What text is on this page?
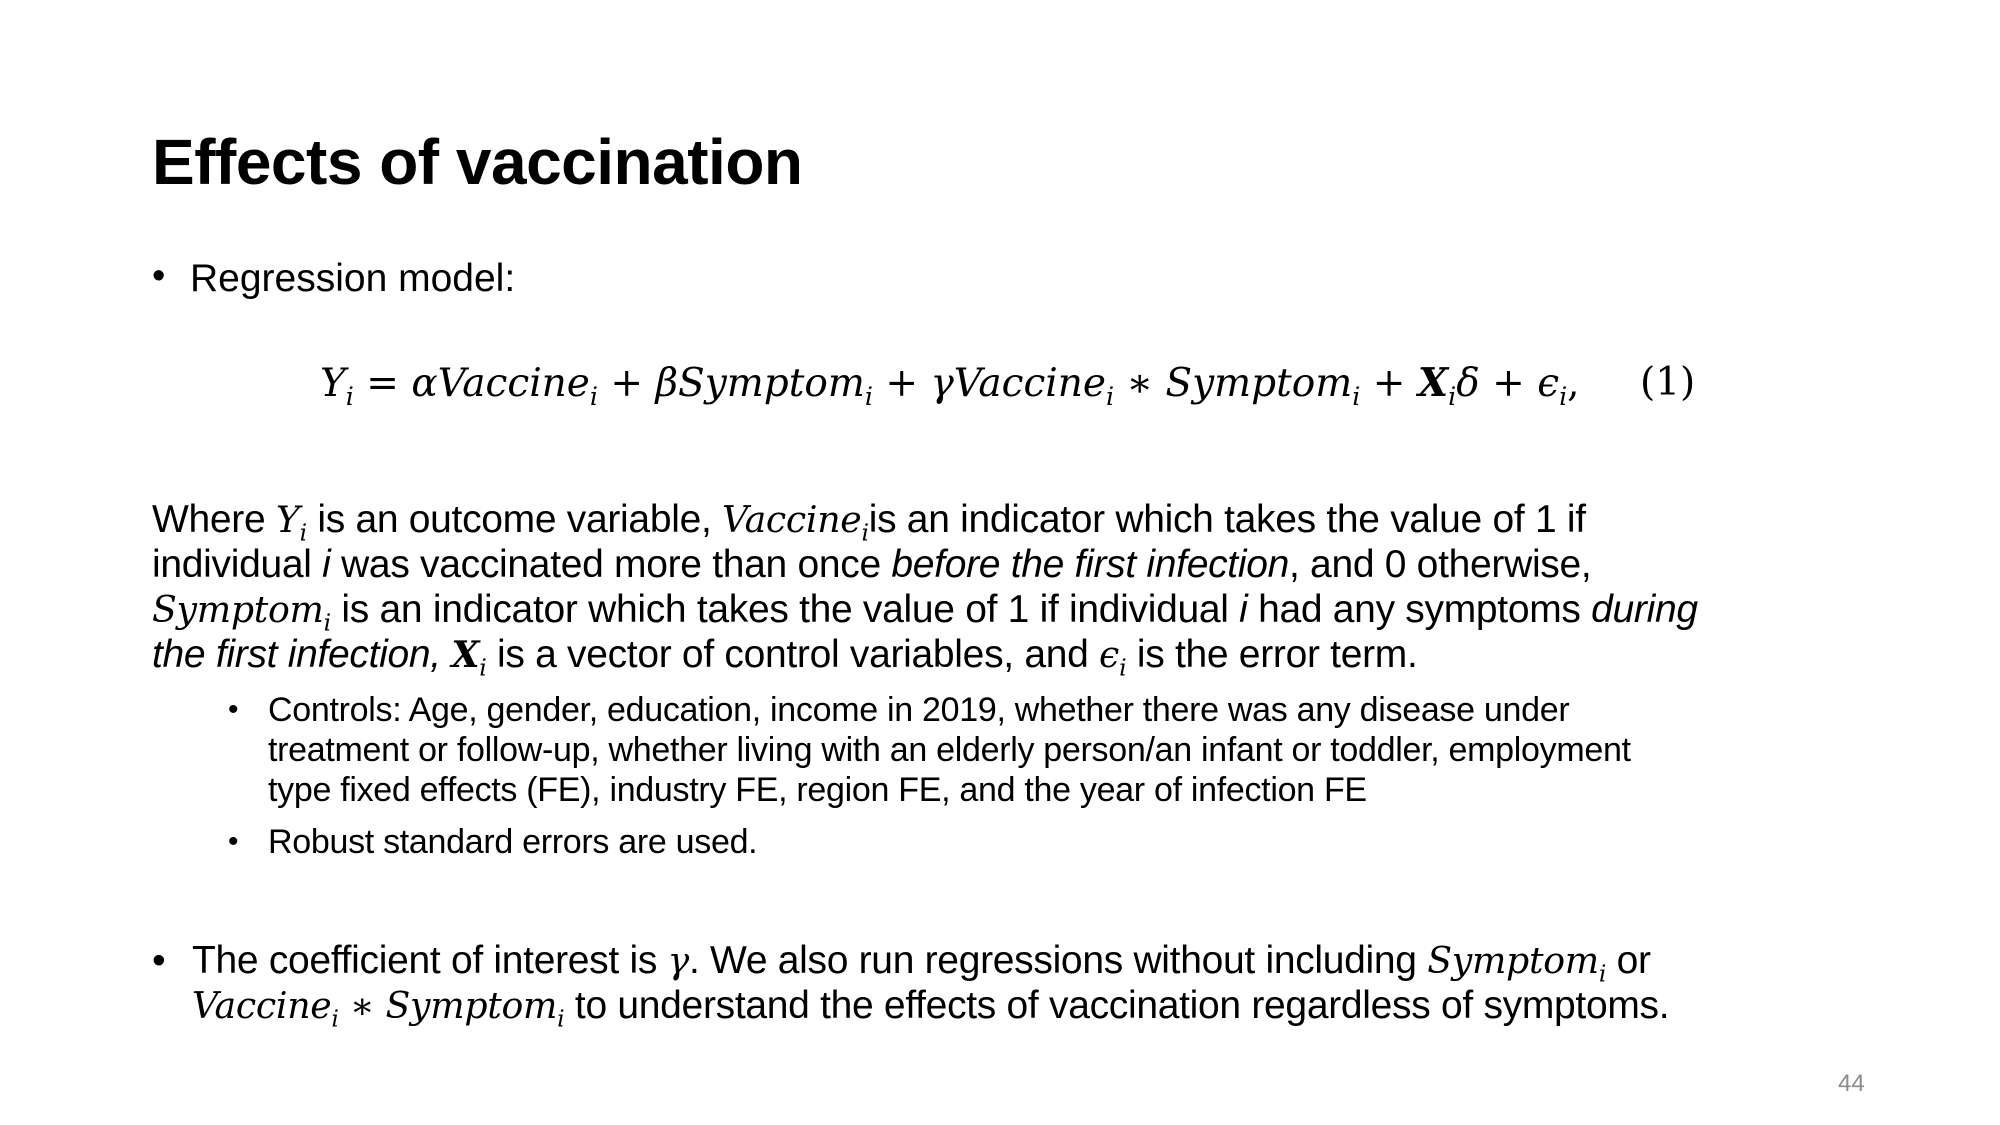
Effects of vaccination
• Regression model:
$Y_i$ = αVaccine$_i$ + βSymptom$_i$ + γVaccine$_i$ ∗ Symptom$_i$ + $X_i\delta + \epsilon_i$, (1)
Where $Y_i$ is an outcome variable, Vaccine$_i$is an indicator which takes the value of 1 if
individual i was vaccinated more than once before the first infection, and 0 otherwise,
Symptom$_i$ is an indicator which takes the value of 1 if individual i had any symptoms during
the first infection, $X_i$ is a vector of control variables, and $\epsilon_i$ is the error term.
• Controls: Age, gender, education, income in 2019, whether there was any disease under
treatment or follow-up, whether living with an elderly person/an infant or toddler, employment
type fixed effects (FE), industry FE, region FE, and the year of infection FE
• Robust standard errors are used.
• The coefficient of interest is γ. We also run regressions without including Symptom$_i$ or
Vaccine$_i$ ∗ Symptom$_i$ to understand the effects of vaccination regardless of symptoms.
44
